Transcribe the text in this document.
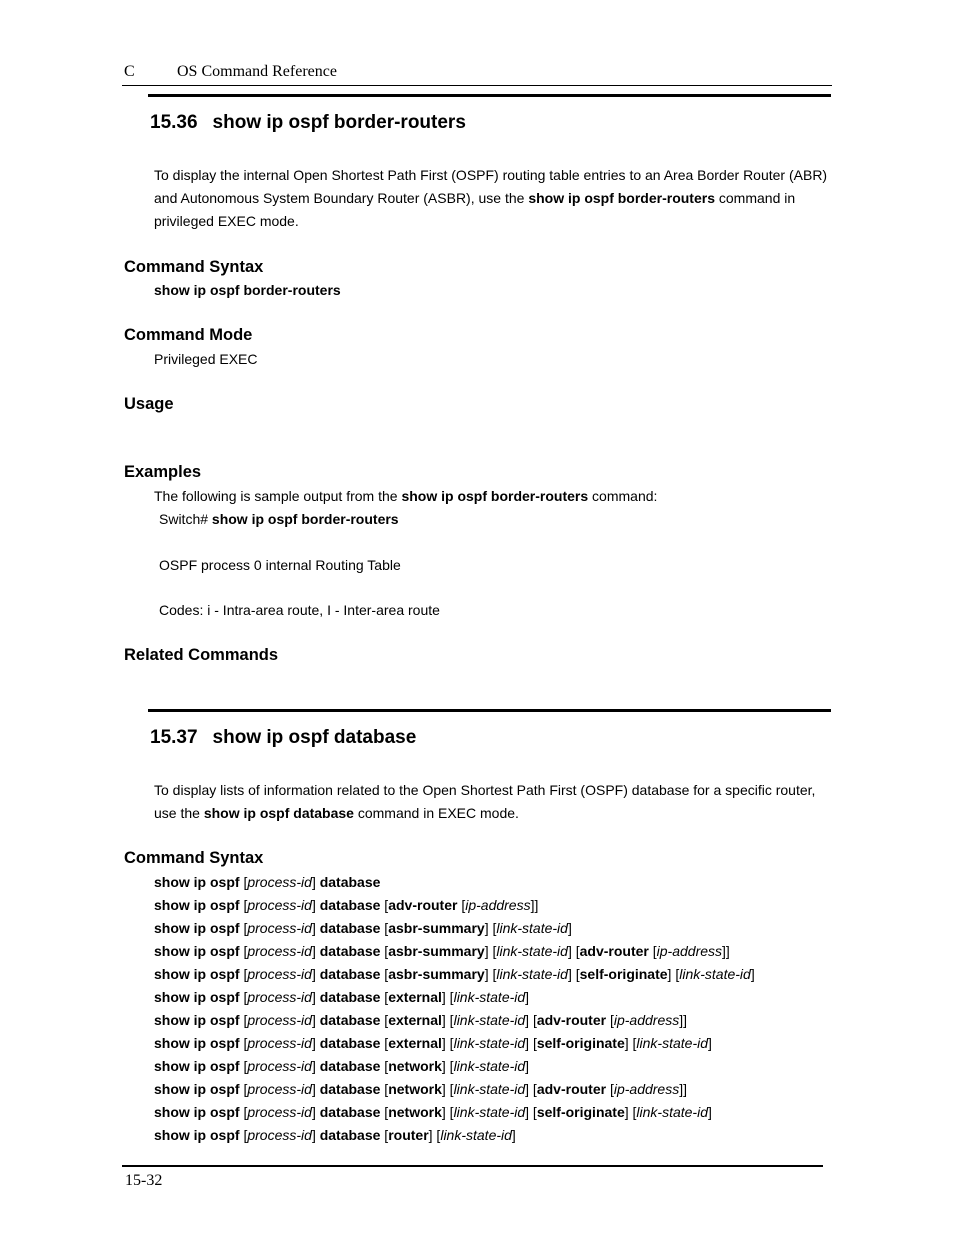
C	OS Command Reference
15.36 show ip ospf border-routers
To display the internal Open Shortest Path First (OSPF) routing table entries to an Area Border Router (ABR) and Autonomous System Boundary Router (ASBR), use the show ip ospf border-routers command in privileged EXEC mode.
Command Syntax
show ip ospf border-routers
Command Mode
Privileged EXEC
Usage
Examples
The following is sample output from the show ip ospf border-routers command:
Switch# show ip ospf border-routers
OSPF process 0 internal Routing Table
Codes: i - Intra-area route, I - Inter-area route
Related Commands
15.37 show ip ospf database
To display lists of information related to the Open Shortest Path First (OSPF) database for a specific router, use the show ip ospf database command in EXEC mode.
Command Syntax
show ip ospf [process-id] database
show ip ospf [process-id] database [adv-router [ip-address]]
show ip ospf [process-id] database [asbr-summary] [link-state-id]
show ip ospf [process-id] database [asbr-summary] [link-state-id] [adv-router [ip-address]]
show ip ospf [process-id] database [asbr-summary] [link-state-id] [self-originate] [link-state-id]
show ip ospf [process-id] database [external] [link-state-id]
show ip ospf [process-id] database [external] [link-state-id] [adv-router [ip-address]]
show ip ospf [process-id] database [external] [link-state-id] [self-originate] [link-state-id]
show ip ospf [process-id] database [network] [link-state-id]
show ip ospf [process-id] database [network] [link-state-id] [adv-router [ip-address]]
show ip ospf [process-id] database [network] [link-state-id] [self-originate] [link-state-id]
show ip ospf [process-id] database [router] [link-state-id]
15-32
